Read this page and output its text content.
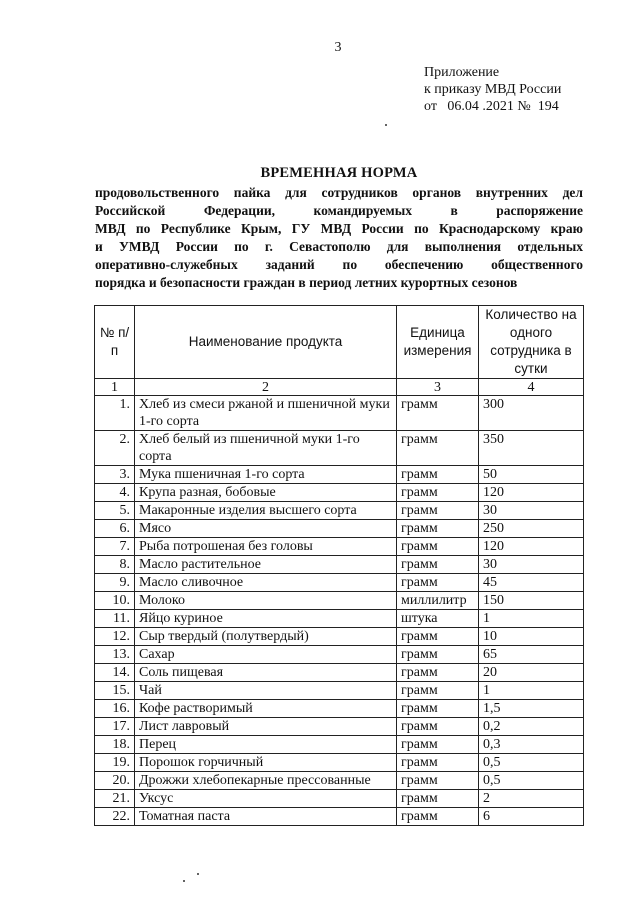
3
Приложение
к приказу МВД России
от   06.04 .2021 №  194
ВРЕМЕННАЯ НОРМА
продовольственного пайка для сотрудников органов внутренних дел
Российской Федерации, командируемых в распоряжение
МВД по Республике Крым, ГУ МВД России по Краснодарскому краю
и УМВД России по г. Севастополю для выполнения отдельных
оперативно-служебных заданий по обеспечению общественного
порядка и безопасности граждан в период летних курортных сезонов
№ п/п	Наименование продукта	Единица измерения	Количество на одного сотрудника в сутки
1	2	3	4
1.	Хлеб из смеси ржаной и пшеничной муки 1-го сорта	грамм	300
2.	Хлеб белый из пшеничной муки 1-го сорта	грамм	350
3.	Мука пшеничная 1-го сорта	грамм	50
4.	Крупа разная, бобовые	грамм	120
5.	Макаронные изделия высшего сорта	грамм	30
6.	Мясо	грамм	250
7.	Рыба потрошеная без головы	грамм	120
8.	Масло растительное	грамм	30
9.	Масло сливочное	грамм	45
10.	Молоко	миллилитр	150
11.	Яйцо куриное	штука	1
12.	Сыр твердый (полутвердый)	грамм	10
13.	Сахар	грамм	65
14.	Соль пищевая	грамм	20
15.	Чай	грамм	1
16.	Кофе растворимый	грамм	1,5
17.	Лист лавровый	грамм	0,2
18.	Перец	грамм	0,3
19.	Порошок горчичный	грамм	0,5
20.	Дрожжи хлебопекарные прессованные	грамм	0,5
21.	Уксус	грамм	2
22.	Томатная паста	грамм	6
